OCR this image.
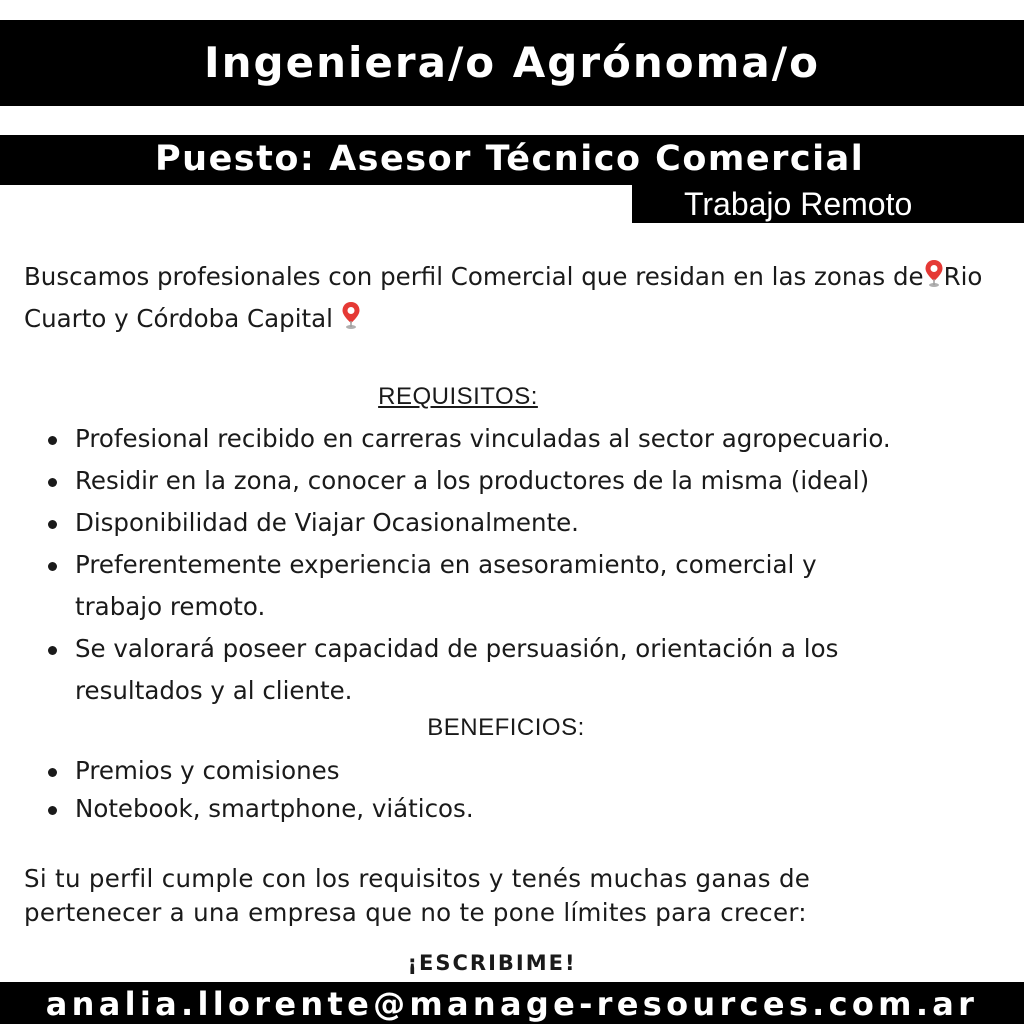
Ingeniera/o Agrónoma/o
Puesto: Asesor Técnico Comercial
Trabajo Remoto
Buscamos profesionales con perfil Comercial que residan en las zonas de Rio Cuarto y Córdoba Capital
REQUISITOS:
Profesional recibido en carreras vinculadas al sector agropecuario.
Residir en la zona, conocer a los productores de la misma (ideal)
Disponibilidad de Viajar Ocasionalmente.
Preferentemente experiencia en asesoramiento, comercial y trabajo remoto.
Se valorará poseer capacidad de persuasión, orientación a los resultados y al cliente.
BENEFICIOS:
Premios y comisiones
Notebook, smartphone, viáticos.
Si tu perfil cumple con los requisitos y tenés muchas ganas de pertenecer a una empresa que no te pone límites para crecer:
¡ESCRIBIME!
analia.llorente@manage-resources.com.ar
